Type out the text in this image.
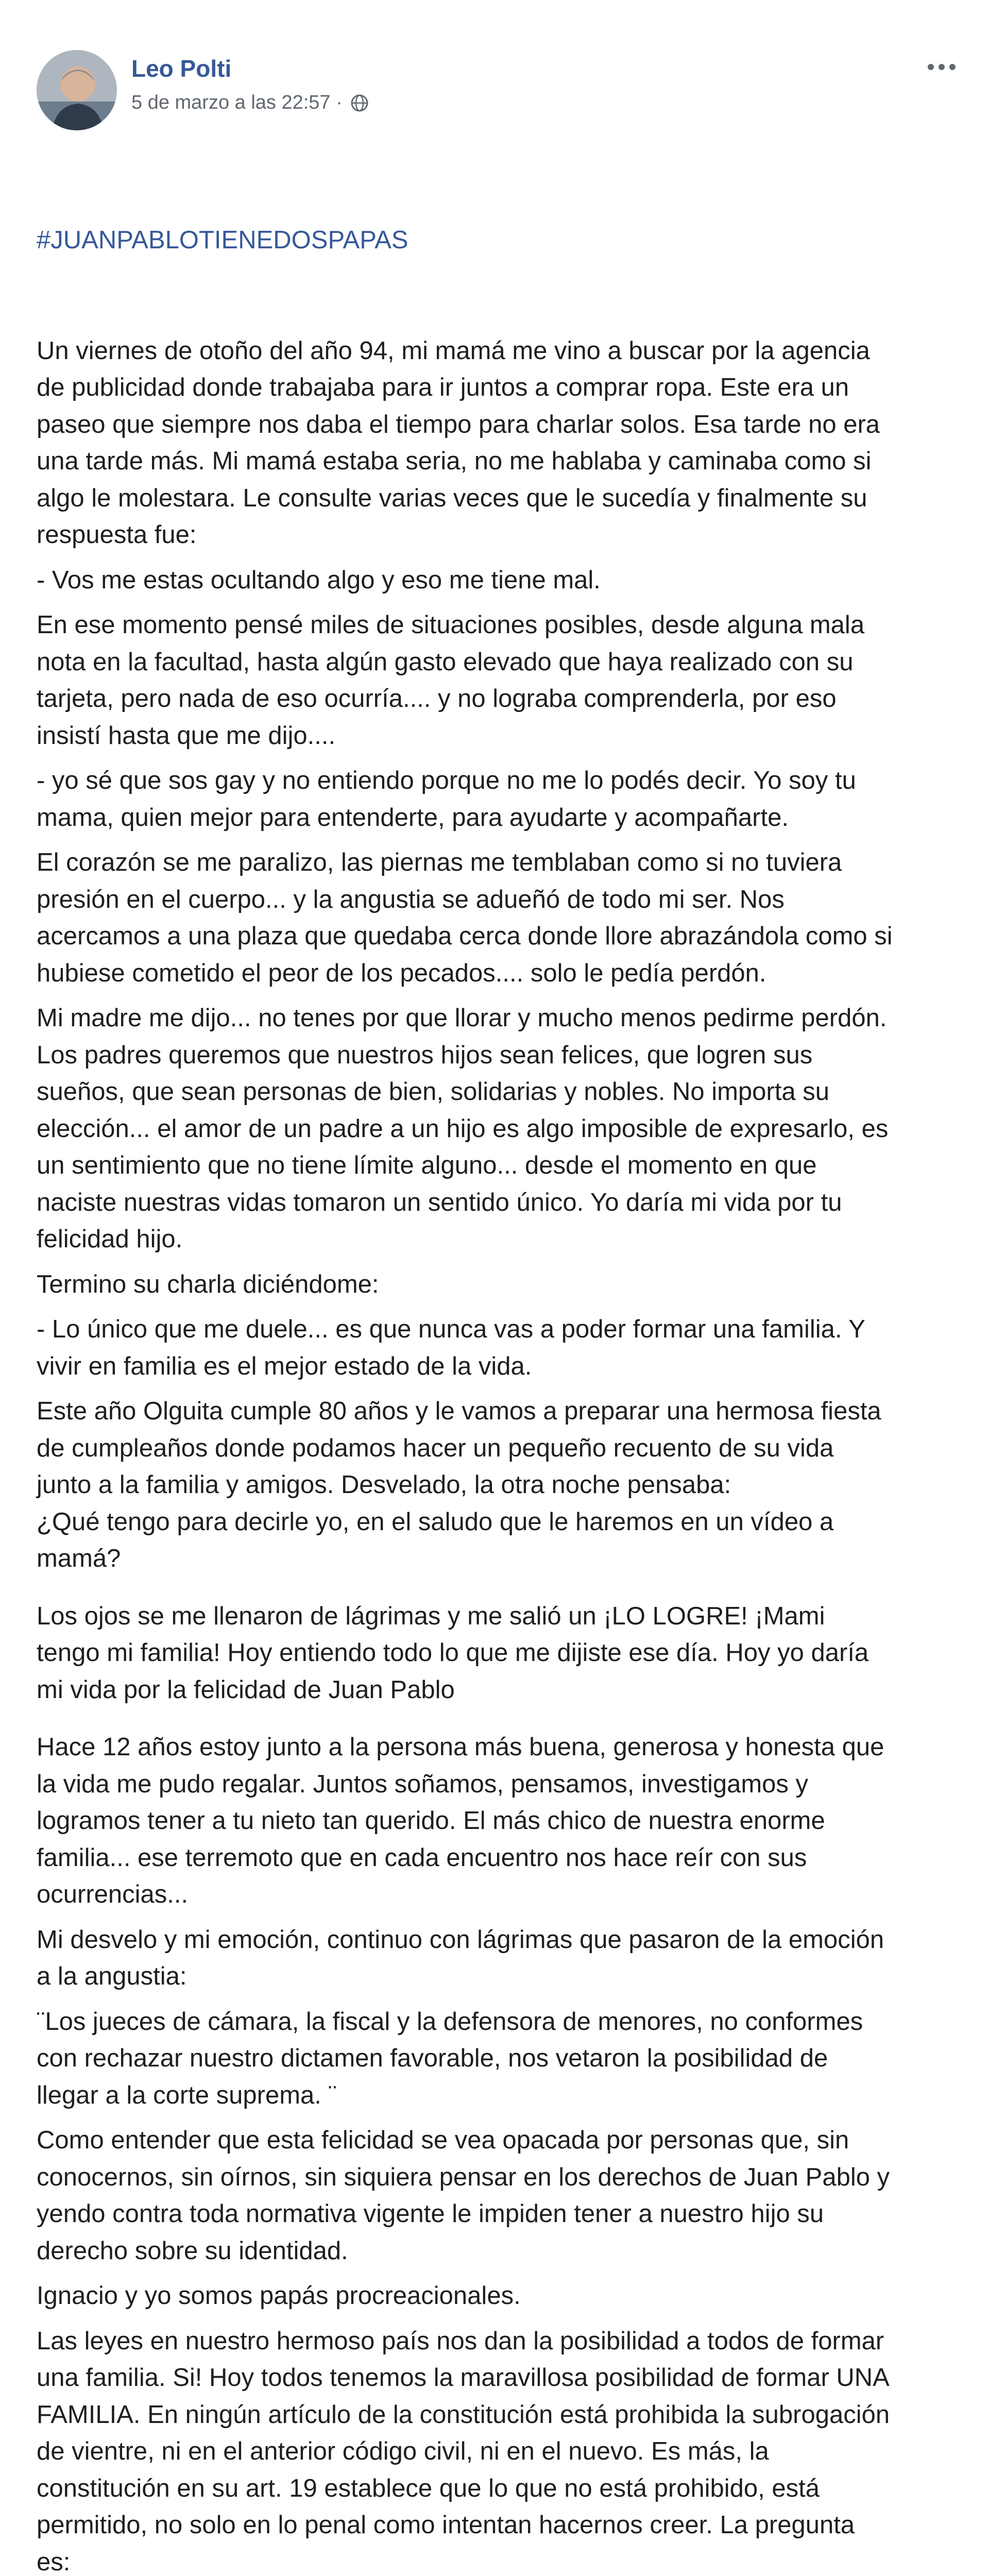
Leo Polti
5 de marzo a las 22:57 ·

#JUANPABLOTIENEDOSPAPAS

Un viernes de otoño del año 94, mi mamá me vino a buscar por la agencia
de publicidad donde trabajaba para ir juntos a comprar ropa. Este era un
paseo que siempre nos daba el tiempo para charlar solos. Esa tarde no era
una tarde más. Mi mamá estaba seria, no me hablaba y caminaba como si
algo le molestara. Le consulte varias veces que le sucedía y finalmente su
respuesta fue:

- Vos me estas ocultando algo y eso me tiene mal.

En ese momento pensé miles de situaciones posibles, desde alguna mala
nota en la facultad, hasta algún gasto elevado que haya realizado con su
tarjeta, pero nada de eso ocurría.... y no lograba comprenderla, por eso
insistí hasta que me dijo....

- yo sé que sos gay y no entiendo porque no me lo podés decir. Yo soy tu
mama, quien mejor para entenderte, para ayudarte y acompañarte.

El corazón se me paralizo, las piernas me temblaban como si no tuviera
presión en el cuerpo... y la angustia se adueñó de todo mi ser. Nos
acercamos a una plaza que quedaba cerca donde llore abrazándola como si
hubiese cometido el peor de los pecados.... solo le pedía perdón.

Mi madre me dijo... no tenes por que llorar y mucho menos pedirme perdón.
Los padres queremos que nuestros hijos sean felices, que logren sus
sueños, que sean personas de bien, solidarias y nobles. No importa su
elección... el amor de un padre a un hijo es algo imposible de expresarlo, es
un sentimiento que no tiene límite alguno... desde el momento en que
naciste nuestras vidas tomaron un sentido único. Yo daría mi vida por tu
felicidad hijo.

Termino su charla diciéndome:

- Lo único que me duele... es que nunca vas a poder formar una familia. Y
vivir en familia es el mejor estado de la vida.

Este año Olguita cumple 80 años y le vamos a preparar una hermosa fiesta
de cumpleaños donde podamos hacer un pequeño recuento de su vida
junto a la familia y amigos. Desvelado, la otra noche pensaba:
¿Qué tengo para decirle yo, en el saludo que le haremos en un vídeo a
mamá?

Los ojos se me llenaron de lágrimas y me salió un ¡LO LOGRE! ¡Mami
tengo mi familia! Hoy entiendo todo lo que me dijiste ese día. Hoy yo daría
mi vida por la felicidad de Juan Pablo

Hace 12 años estoy junto a la persona más buena, generosa y honesta que
la vida me pudo regalar. Juntos soñamos, pensamos, investigamos y
logramos tener a tu nieto tan querido. El más chico de nuestra enorme
familia... ese terremoto que en cada encuentro nos hace reír con sus
ocurrencias...

Mi desvelo y mi emoción, continuo con lágrimas que pasaron de la emoción
a la angustia:

¨Los jueces de cámara, la fiscal y la defensora de menores, no conformes
con rechazar nuestro dictamen favorable, nos vetaron la posibilidad de
llegar a la corte suprema. ¨

Como entender que esta felicidad se vea opacada por personas que, sin
conocernos, sin oírnos, sin siquiera pensar en los derechos de Juan Pablo y
yendo contra toda normativa vigente le impiden tener a nuestro hijo su
derecho sobre su identidad.

Ignacio y yo somos papás procreacionales.

Las leyes en nuestro hermoso país nos dan la posibilidad a todos de formar
una familia. Si! Hoy todos tenemos la maravillosa posibilidad de formar UNA
FAMILIA. En ningún artículo de la constitución está prohibida la subrogación
de vientre, ni en el anterior código civil, ni en el nuevo. Es más, la
constitución en su art. 19 establece que lo que no está prohibido, está
permitido, no solo en lo penal como intentan hacernos creer. La pregunta
es:
